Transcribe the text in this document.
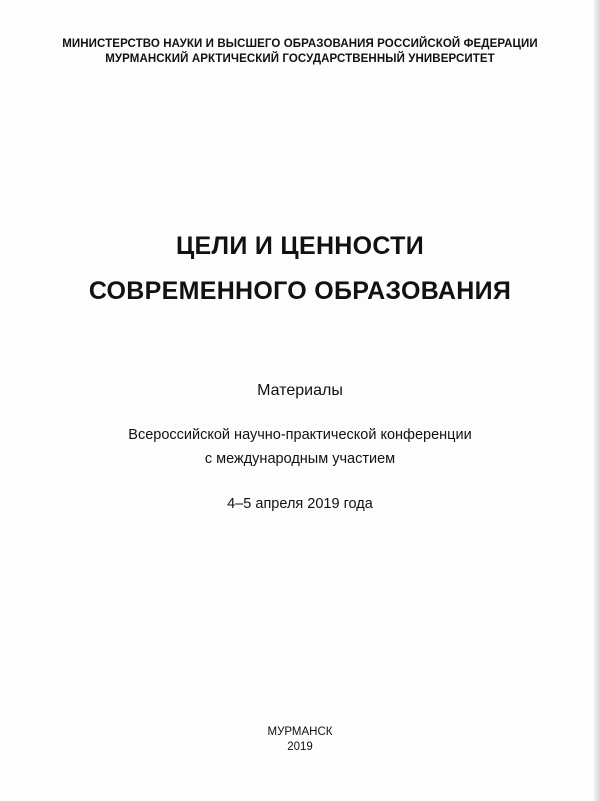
МИНИСТЕРСТВО НАУКИ И ВЫСШЕГО ОБРАЗОВАНИЯ РОССИЙСКОЙ ФЕДЕРАЦИИ
МУРМАНСКИЙ АРКТИЧЕСКИЙ ГОСУДАРСТВЕННЫЙ УНИВЕРСИТЕТ
ЦЕЛИ И ЦЕННОСТИ
СОВРЕМЕННОГО ОБРАЗОВАНИЯ
Материалы
Всероссийской научно-практической конференции
с международным участием
4–5 апреля 2019 года
МУРМАНСК
2019
